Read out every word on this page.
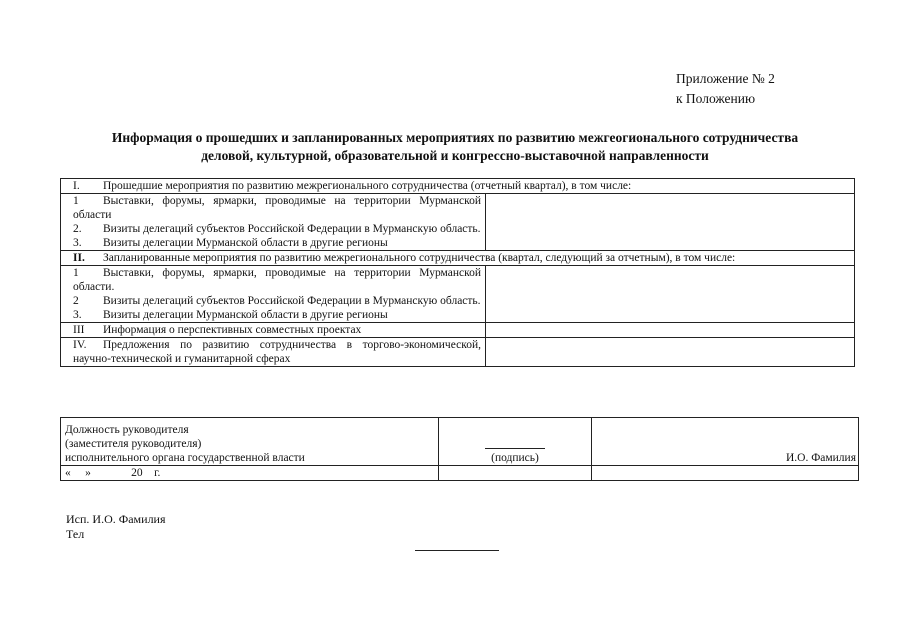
Приложение № 2
к Положению
Информация о прошедших и запланированных мероприятиях по развитию межгеогионального сотрудничества
деловой, культурной, образовательной и конгрессно-выставочной направленности
I. Прошедшие мероприятия по развитию межрегионального сотрудничества (отчетный квартал), в том числе:	

1 Выставки, форумы, ярмарки, проводимые на территории Мурманской области
2. Визиты делегаций субъектов Российской Федерации в Мурманскую область.
3. Визиты делегации Мурманской области в другие регионы	

II. Запланированные мероприятия по развитию межрегионального сотрудничества (квартал, следующий за отчетным), в том числе:	

1 Выставки, форумы, ярмарки, проводимые на территории Мурманской области.
2 Визиты делегаций субъектов Российской Федерации в Мурманскую область.
3. Визиты делегации Мурманской области в другие регионы	

III Информация о перспективных совместных проектах	
IV. Предложения по развитию сотрудничества в торгово-экономической, научно-технической и гуманитарной сферах	
Должность руководителя
(заместителя руководителя)
исполнительного органа государственной власти	(подпись)	И.О. Фамилия
«     »              20    г.		
Исп. И.О. Фамилия
Тел
